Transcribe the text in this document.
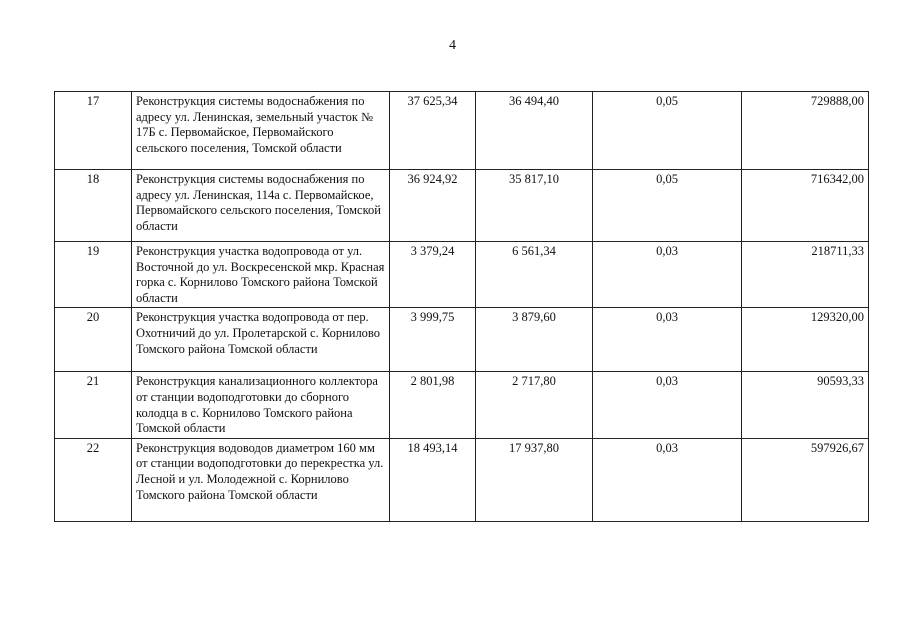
4
17	Реконструкция системы водоснабжения по адресу ул. Ленинская, земельный участок № 17Б с. Первомайское, Первомайского сельского поселения, Томской области	37 625,34	36 494,40	0,05	729888,00
18	Реконструкция системы водоснабжения по адресу ул. Ленинская, 114а с. Первомайское, Первомайского сельского поселения, Томской области	36 924,92	35 817,10	0,05	716342,00
19	Реконструкция участка водопровода от ул. Восточной до ул. Воскресенской мкр. Красная горка с. Корнилово Томского района Томской области	3 379,24	6 561,34	0,03	218711,33
20	Реконструкция участка водопровода от пер. Охотничий до ул. Пролетарской с. Корнилово Томского района Томской области	3 999,75	3 879,60	0,03	129320,00
21	Реконструкция канализационного коллектора от станции водоподготовки до сборного колодца в с. Корнилово Томского района Томской области	2 801,98	2 717,80	0,03	90593,33
22	Реконструкция водоводов диаметром 160 мм от станции водоподготовки до перекрестка ул. Лесной и ул. Молодежной с. Корнилово Томского района Томской области	18 493,14	17 937,80	0,03	597926,67
